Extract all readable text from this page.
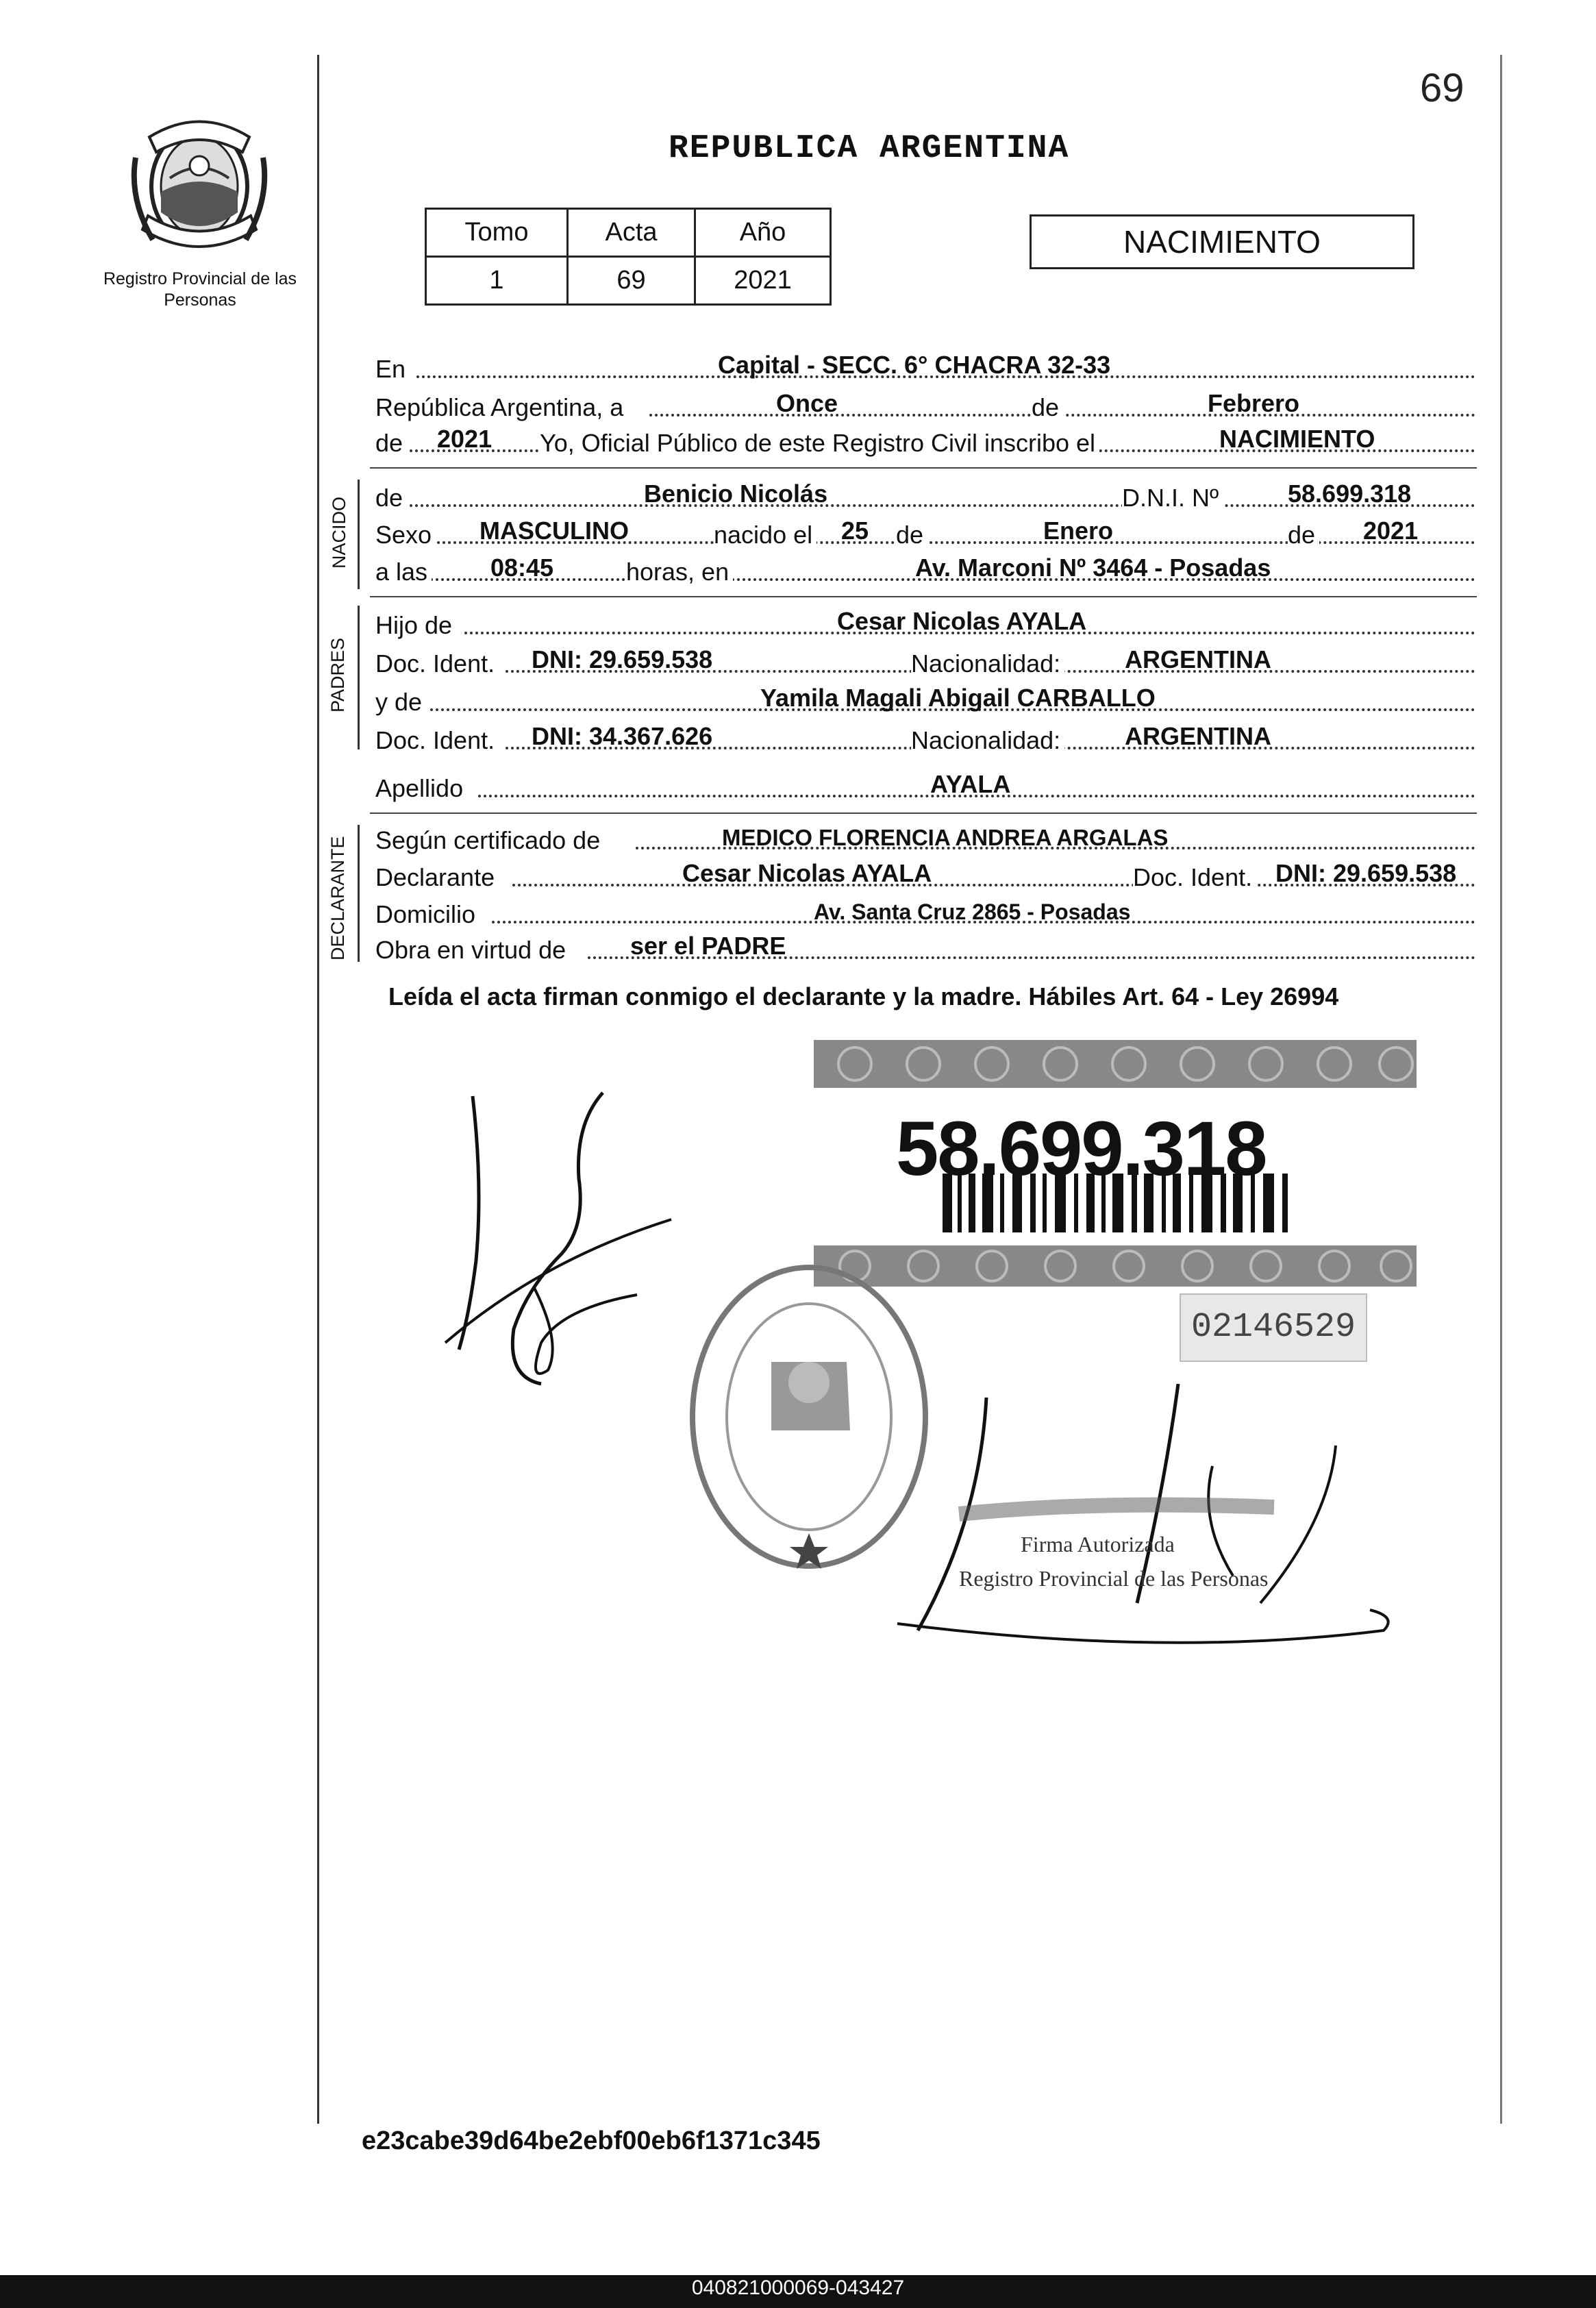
69
Registro Provincial de las Personas
REPUBLICA ARGENTINA
Tomo	Acta	Año
1	69	2021
NACIMIENTO
En	Capital - SECC. 6° CHACRA 32-33
República Argentina, a	Once	de	Febrero
de 2021 Yo, Oficial Público de este Registro Civil inscribo el	NACIMIENTO
NACIDO de	Benicio Nicolás	D.N.I. Nº	58.699.318
Sexo MASCULINO	nacido el 25 de	Enero	de 2021
a las	08:45	horas, en	Av. Marconi Nº 3464 - Posadas
PADRES
Hijo de	Cesar Nicolas AYALA
Doc. Ident. DNI: 29.659.538	Nacionalidad:	ARGENTINA
y de	Yamila Magali Abigail CARBALLO
Doc. Ident. DNI: 34.367.626	Nacionalidad:	ARGENTINA
Apellido	AYALA
DECLARANTE Según certificado de	MEDICO FLORENCIA ANDREA ARGALAS
Declarante	Cesar Nicolas AYALA	Doc. Ident. DNI: 29.659.538
Domicilio	Av. Santa Cruz 2865 - Posadas
Obra en virtud de	ser el PADRE
Leída el acta firman conmigo el declarante y la madre. Hábiles Art. 64 - Ley 26994
58.699.318
02146529
Firma Autorizada
Registro Provincial de las Personas
e23cabe39d64be2ebf00eb6f1371c345
040821000069-043427
